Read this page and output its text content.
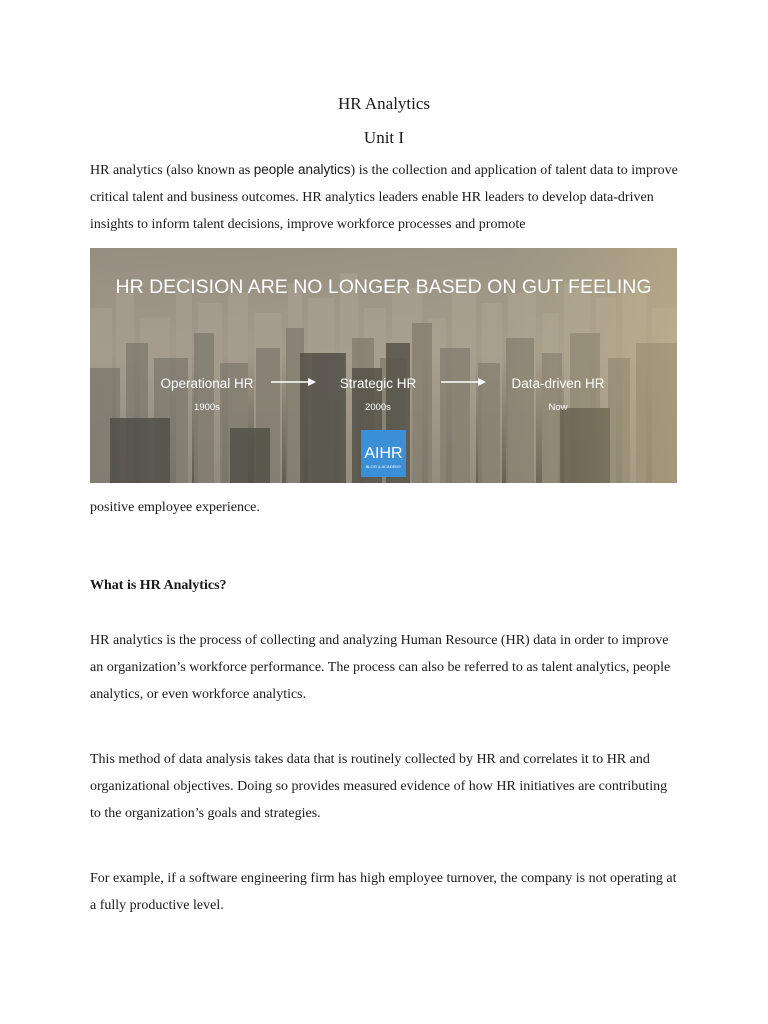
HR Analytics
Unit I

HR analytics (also known as people analytics) is the collection and application of talent data to improve critical talent and business outcomes. HR analytics leaders enable HR leaders to develop data-driven insights to inform talent decisions, improve workforce processes and promote

HR DECISION ARE NO LONGER BASED ON GUT FEELING
Operational HR
1900s
Strategic HR
2000s
Data-driven HR
Now
AIHR
BLOG & ACADEMY

positive employee experience.

What is HR Analytics?

HR analytics is the process of collecting and analyzing Human Resource (HR) data in order to improve an organization’s workforce performance. The process can also be referred to as talent analytics, people analytics, or even workforce analytics.

This method of data analysis takes data that is routinely collected by HR and correlates it to HR and organizational objectives. Doing so provides measured evidence of how HR initiatives are contributing to the organization’s goals and strategies.

For example, if a software engineering firm has high employee turnover, the company is not operating at a fully productive level.
